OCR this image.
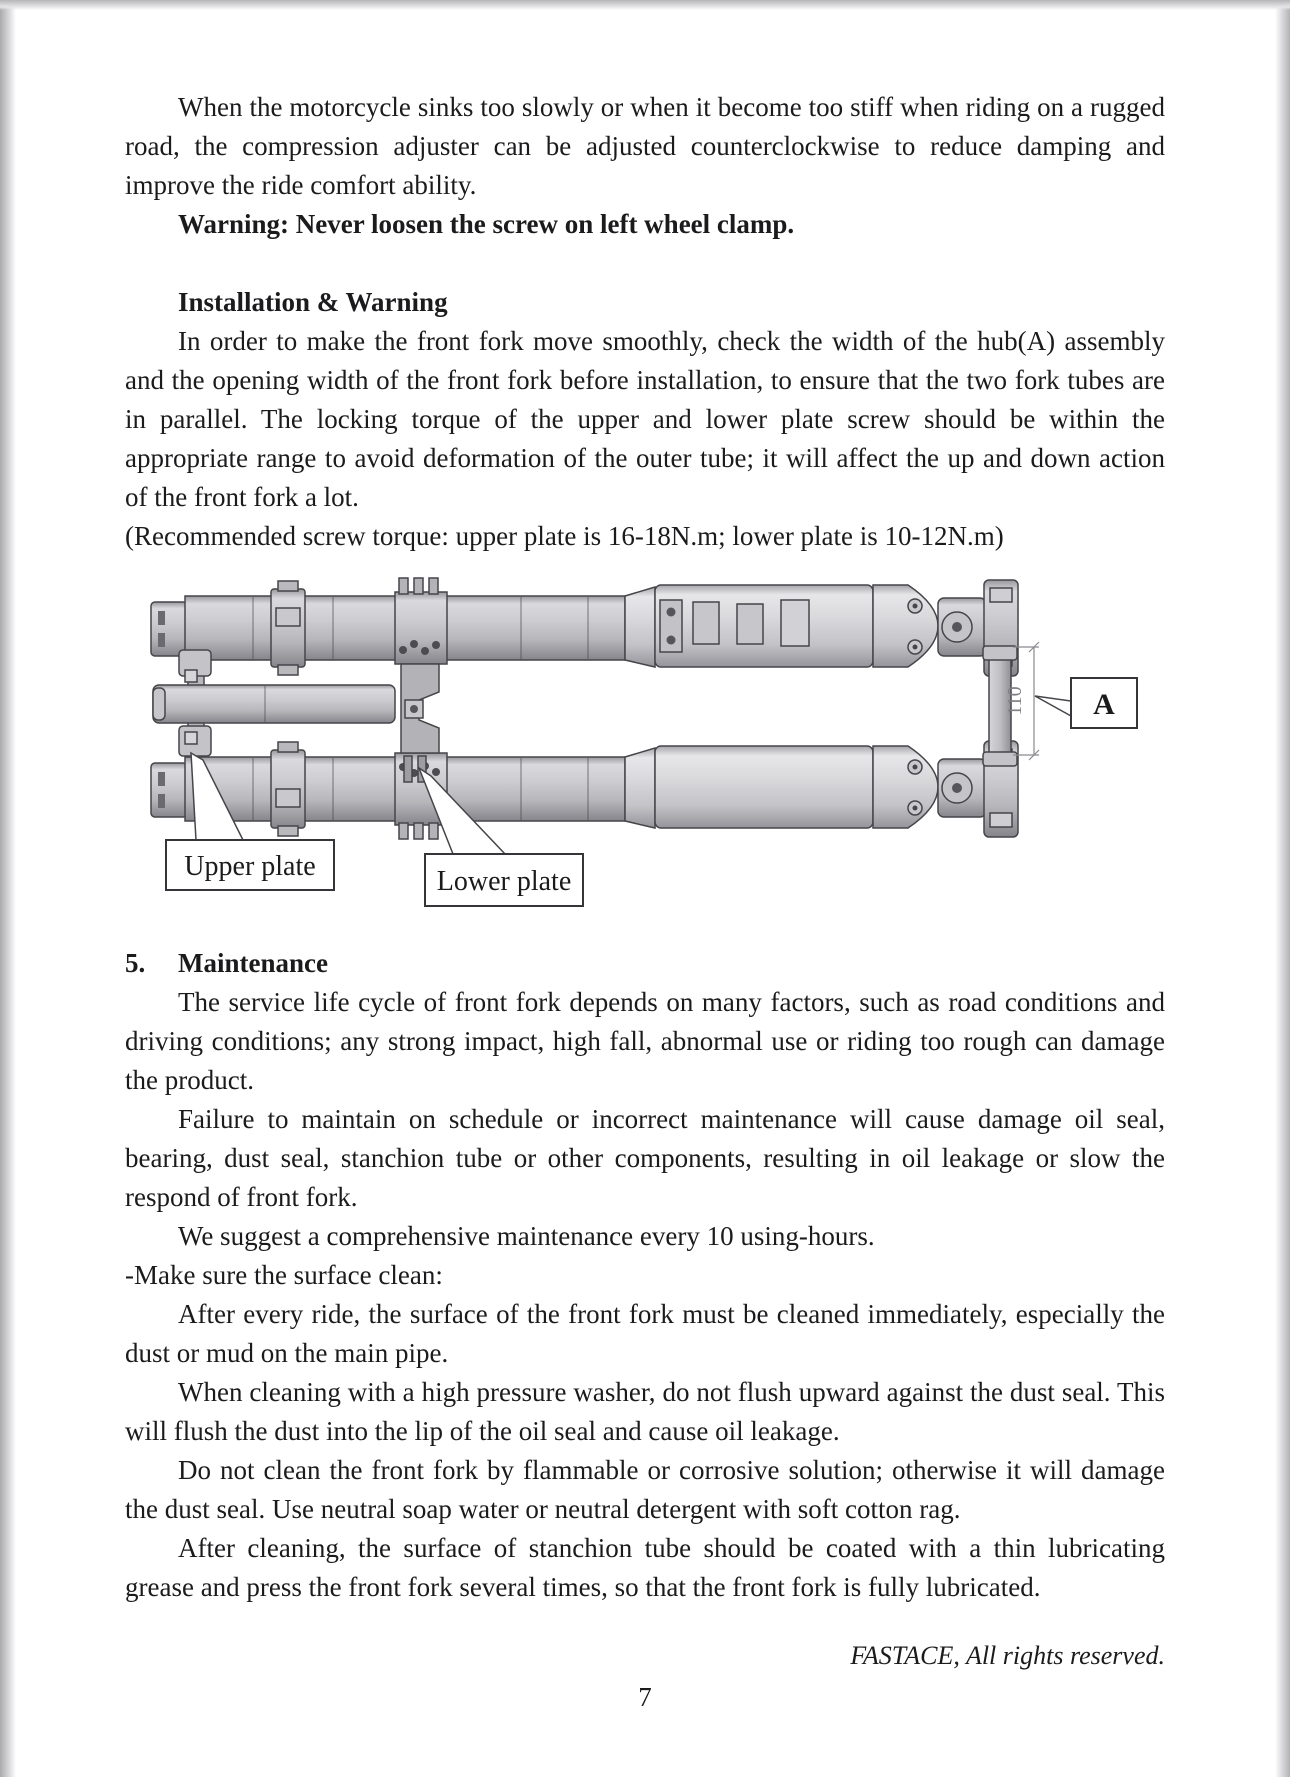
When the motorcycle sinks too slowly or when it become too stiff when riding on a rugged road, the compression adjuster can be adjusted counterclockwise to reduce damping and improve the ride comfort ability.

Warning: Never loosen the screw on left wheel clamp.

Installation & Warning

In order to make the front fork move smoothly, check the width of the hub(A) assembly and the opening width of the front fork before installation, to ensure that the two fork tubes are in parallel. The locking torque of the upper and lower plate screw should be within the appropriate range to avoid deformation of the outer tube; it will affect the up and down action of the front fork a lot.

(Recommended screw torque: upper plate is 16-18N.m; lower plate is 10-12N.m)

110 A
Upper plate	Lower plate

5. Maintenance

The service life cycle of front fork depends on many factors, such as road conditions and driving conditions; any strong impact, high fall, abnormal use or riding too rough can damage the product.

Failure to maintain on schedule or incorrect maintenance will cause damage oil seal, bearing, dust seal, stanchion tube or other components, resulting in oil leakage or slow the respond of front fork.

We suggest a comprehensive maintenance every 10 using-hours.

-Make sure the surface clean:

After every ride, the surface of the front fork must be cleaned immediately, especially the dust or mud on the main pipe.

When cleaning with a high pressure washer, do not flush upward against the dust seal. This will flush the dust into the lip of the oil seal and cause oil leakage.

Do not clean the front fork by flammable or corrosive solution; otherwise it will damage the dust seal. Use neutral soap water or neutral detergent with soft cotton rag.

After cleaning, the surface of stanchion tube should be coated with a thin lubricating grease and press the front fork several times, so that the front fork is fully lubricated.

FASTACE, All rights reserved.
7
